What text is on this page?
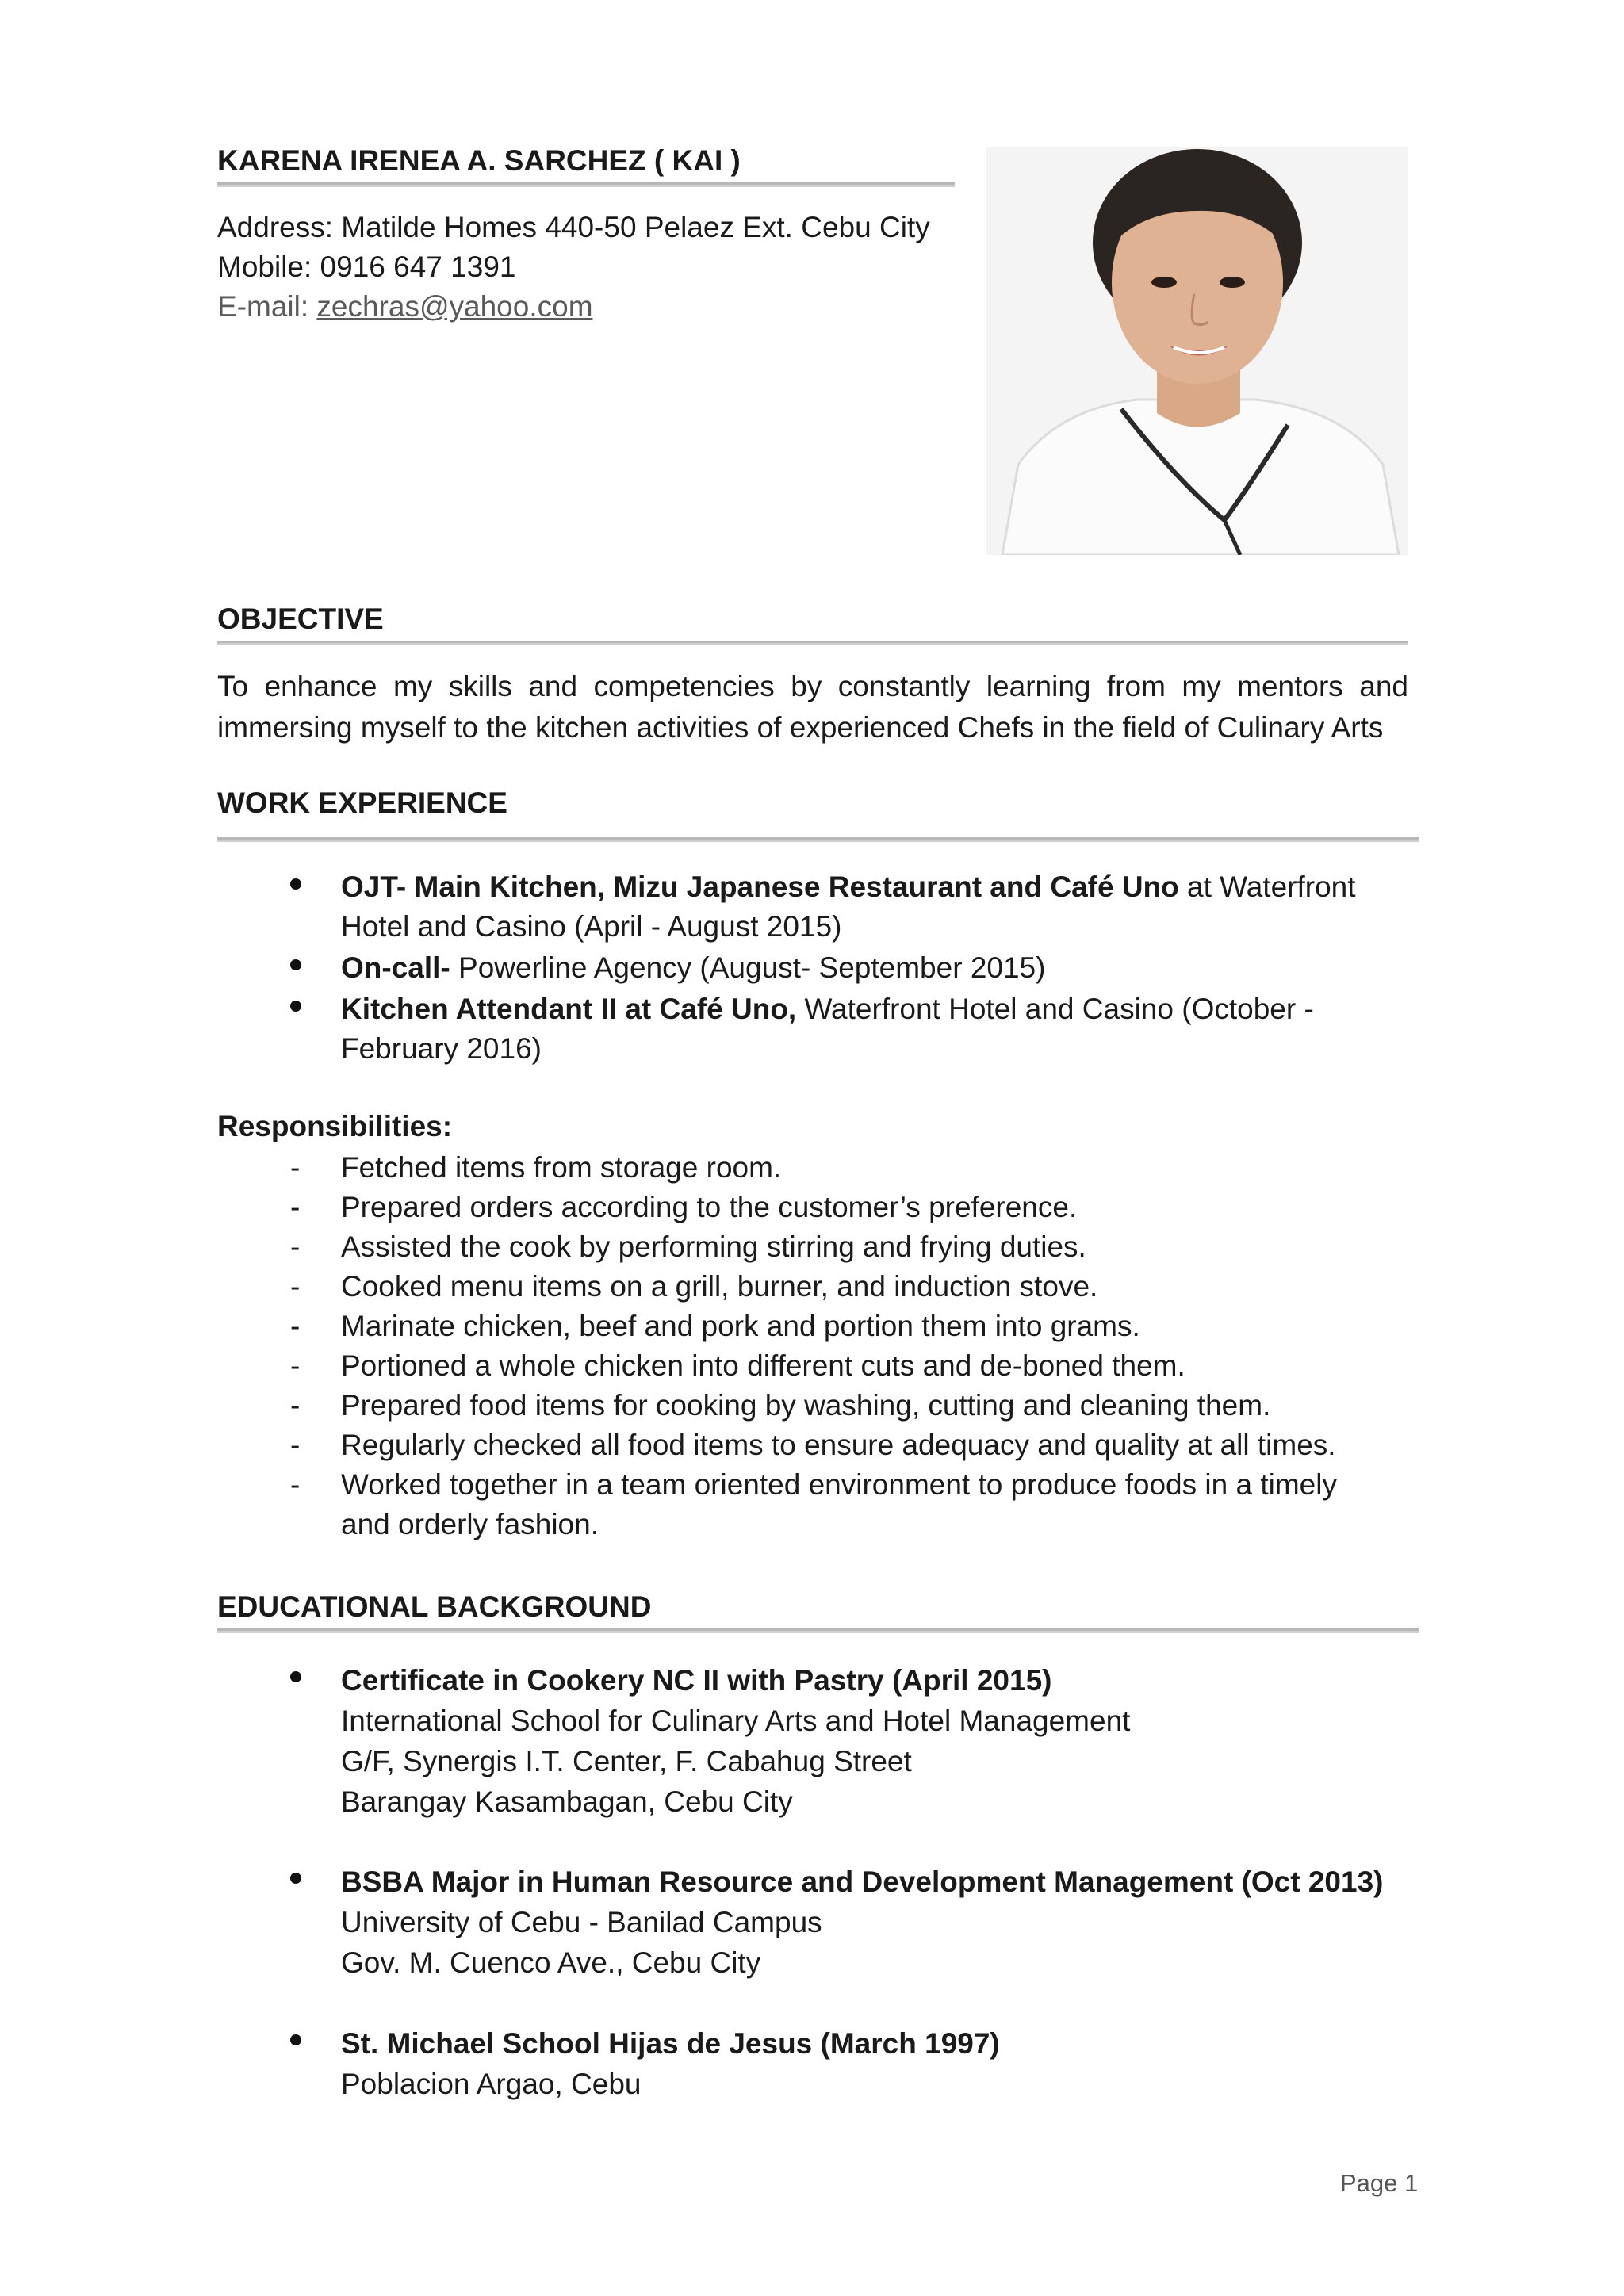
KARENA IRENEA A. SARCHEZ ( KAI )
Address: Matilde Homes 440-50 Pelaez Ext. Cebu City
Mobile: 0916 647 1391
E-mail: zechras@yahoo.com
OBJECTIVE
To enhance my skills and competencies by constantly learning from my mentors and
immersing myself to the kitchen activities of experienced Chefs in the field of Culinary Arts
WORK EXPERIENCE
OJT- Main Kitchen, Mizu Japanese Restaurant and Café Uno at Waterfront
Hotel and Casino (April - August 2015)
On-call- Powerline Agency (August- September 2015)
Kitchen Attendant II at Café Uno, Waterfront Hotel and Casino (October -
February 2016)
Responsibilities:
- Fetched items from storage room.
- Prepared orders according to the customer’s preference.
- Assisted the cook by performing stirring and frying duties.
- Cooked menu items on a grill, burner, and induction stove.
- Marinate chicken, beef and pork and portion them into grams.
- Portioned a whole chicken into different cuts and de-boned them.
- Prepared food items for cooking by washing, cutting and cleaning them.
- Regularly checked all food items to ensure adequacy and quality at all times.
- Worked together in a team oriented environment to produce foods in a timely
and orderly fashion.
EDUCATIONAL BACKGROUND
Certificate in Cookery NC II with Pastry (April 2015)
International School for Culinary Arts and Hotel Management
G/F, Synergis I.T. Center, F. Cabahug Street
Barangay Kasambagan, Cebu City
BSBA Major in Human Resource and Development Management (Oct 2013)
University of Cebu - Banilad Campus
Gov. M. Cuenco Ave., Cebu City
St. Michael School Hijas de Jesus (March 1997)
Poblacion Argao, Cebu
Page 1
